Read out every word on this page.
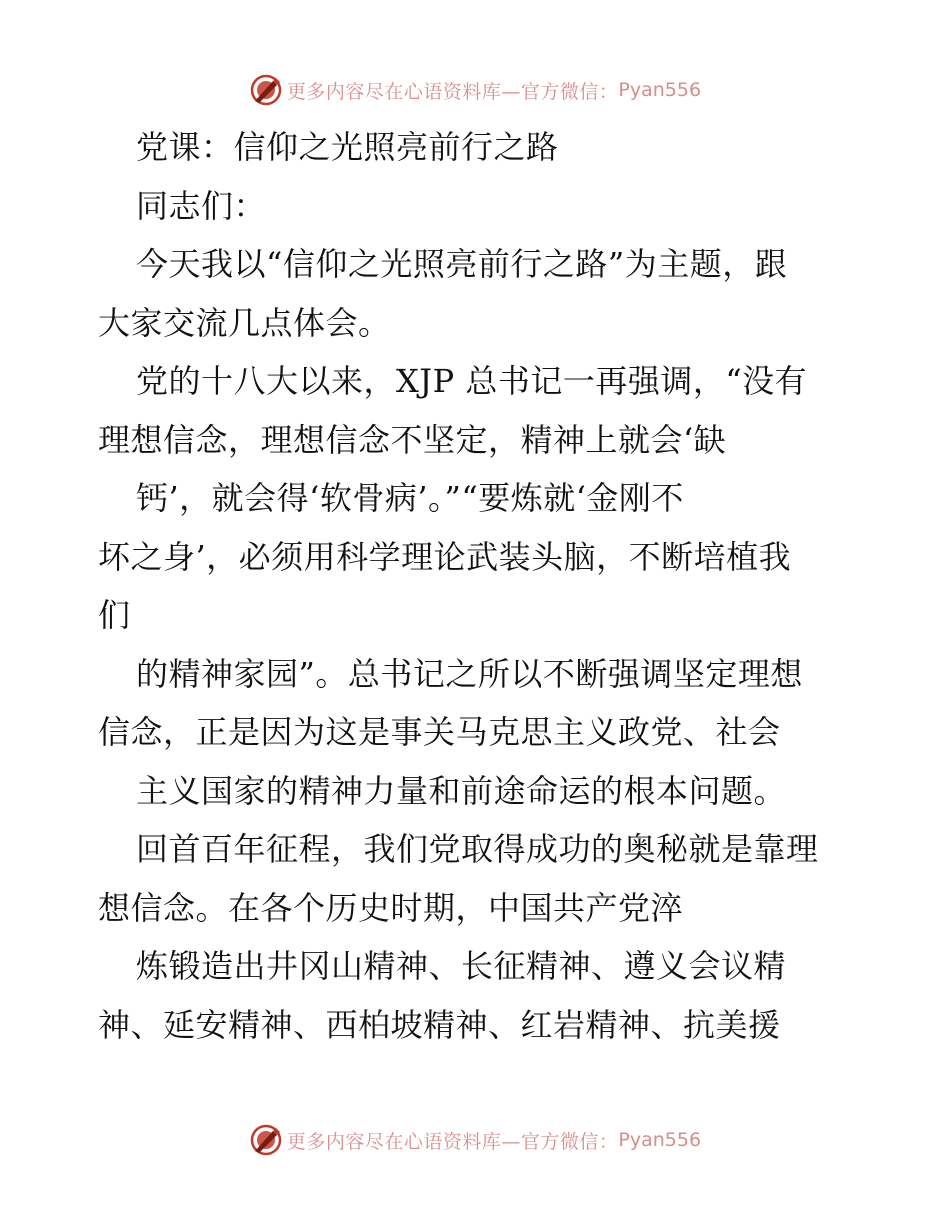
更多内容尽在心语资料库—官方微信： Pyan556
党课：信仰之光照亮前行之路
同志们：
今天我以“信仰之光照亮前行之路”为主题，跟
大家交流几点体会。
党的十八大以来，XJP 总书记一再强调，“没有
理想信念，理想信念不坚定，精神上就会‘缺
钙’，就会得‘软骨病’。”“要炼就‘金刚不
坏之身’，必须用科学理论武装头脑，不断培植我
们
的精神家园”。总书记之所以不断强调坚定理想
信念，正是因为这是事关马克思主义政党、社会
主义国家的精神力量和前途命运的根本问题。
回首百年征程，我们党取得成功的奥秘就是靠理
想信念。在各个历史时期，中国共产党淬
炼锻造出井冈山精神、长征精神、遵义会议精
神、延安精神、西柏坡精神、红岩精神、抗美援
更多内容尽在心语资料库—官方微信： Pyan556
